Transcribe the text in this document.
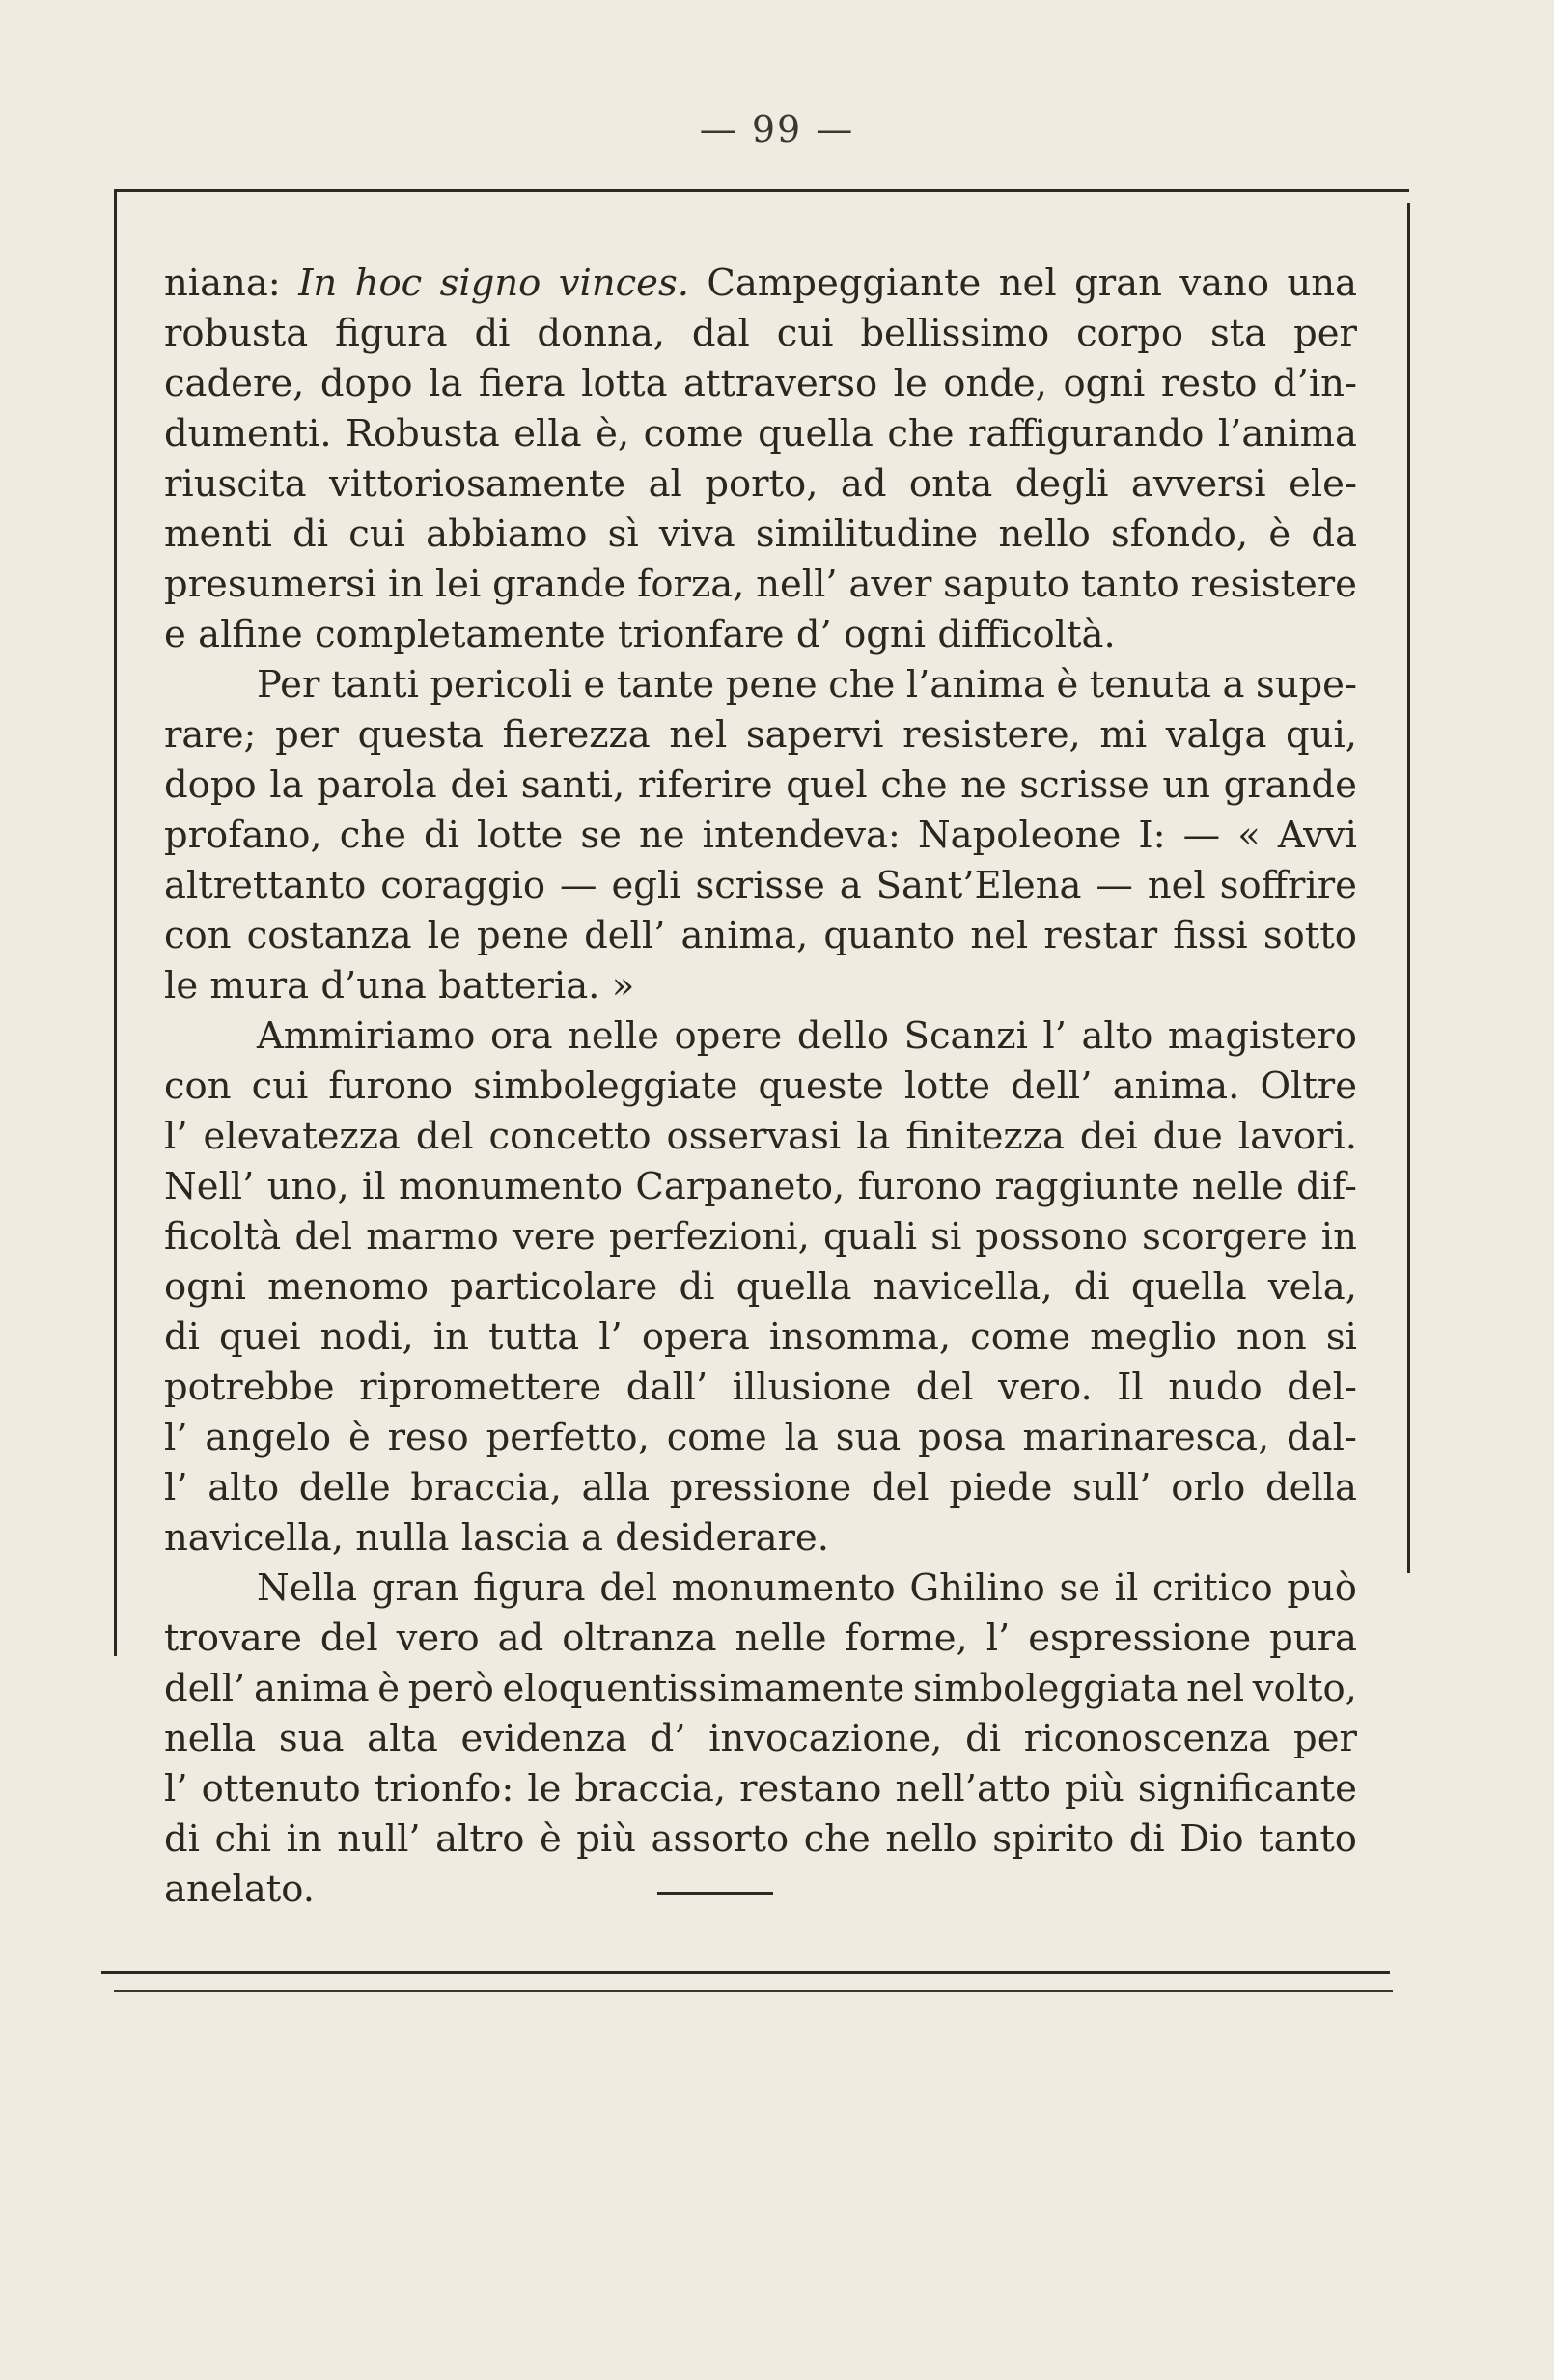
— 99 —
niana: In hoc signo vinces. Campeggiante nel gran vano una
robusta figura di donna, dal cui bellissimo corpo sta per
cadere, dopo la fiera lotta attraverso le onde, ogni resto d’in-
dumenti. Robusta ella è, come quella che raffigurando l’anima
riuscita vittoriosamente al porto, ad onta degli avversi ele-
menti di cui abbiamo sì viva similitudine nello sfondo, è da
presumersi in lei grande forza, nell’ aver saputo tanto resistere
e alfine completamente trionfare d’ ogni difficoltà.
Per tanti pericoli e tante pene che l’anima è tenuta a supe-
rare; per questa fierezza nel sapervi resistere, mi valga qui,
dopo la parola dei santi, riferire quel che ne scrisse un grande
profano, che di lotte se ne intendeva: Napoleone I: — « Avvi
altrettanto coraggio — egli scrisse a Sant’Elena — nel soffrire
con costanza le pene dell’ anima, quanto nel restar fissi sotto
le mura d’una batteria. »
Ammiriamo ora nelle opere dello Scanzi l’ alto magistero
con cui furono simboleggiate queste lotte dell’ anima. Oltre
l’ elevatezza del concetto osservasi la finitezza dei due lavori.
Nell’ uno, il monumento Carpaneto, furono raggiunte nelle dif-
ficoltà del marmo vere perfezioni, quali si possono scorgere in
ogni menomo particolare di quella navicella, di quella vela,
di quei nodi, in tutta l’ opera insomma, come meglio non si
potrebbe ripromettere dall’ illusione del vero. Il nudo del-
l’ angelo è reso perfetto, come la sua posa marinaresca, dal-
l’ alto delle braccia, alla pressione del piede sull’ orlo della
navicella, nulla lascia a desiderare.
Nella gran figura del monumento Ghilino se il critico può
trovare del vero ad oltranza nelle forme, l’ espressione pura
dell’ anima è però eloquentissimamente simboleggiata nel volto,
nella sua alta evidenza d’ invocazione, di riconoscenza per
l’ ottenuto trionfo: le braccia, restano nell’atto più significante
di chi in null’ altro è più assorto che nello spirito di Dio tanto
anelato.
